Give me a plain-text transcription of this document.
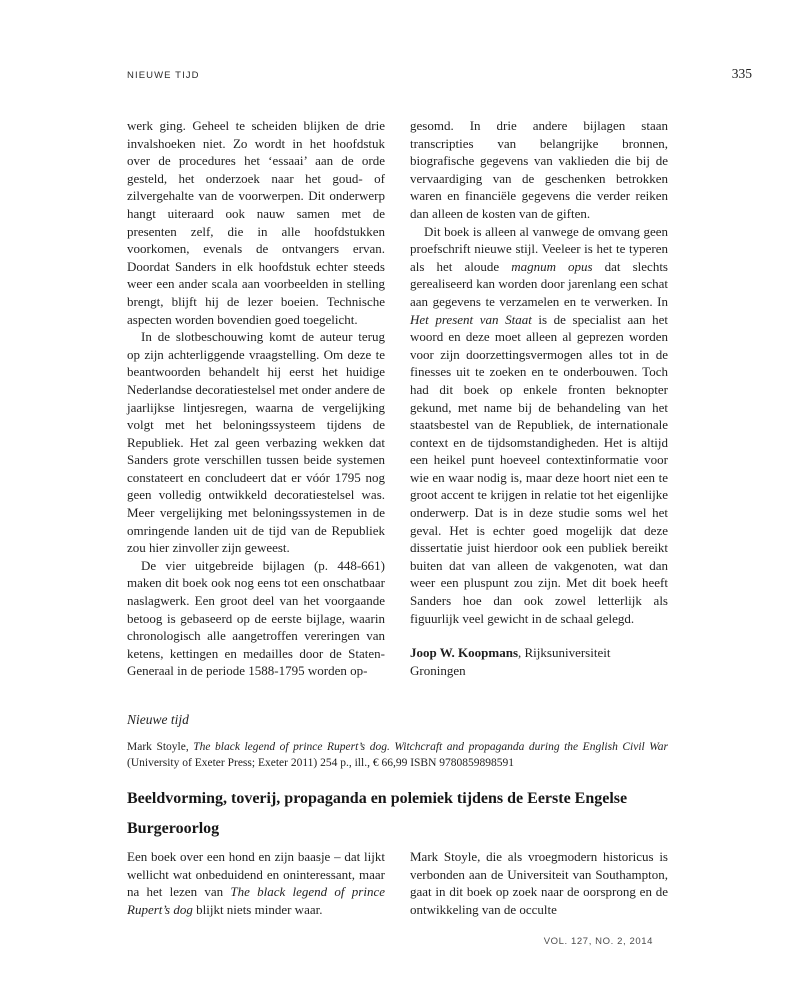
NIEUWE TIJD	335

werk ging. Geheel te scheiden blijken de drie invalshoeken niet. Zo wordt in het hoofdstuk over de procedures het ‘essaai’ aan de orde gesteld, het onderzoek naar het goud- of zilvergehalte van de voorwerpen. Dit onderwerp hangt uiteraard ook nauw samen met de presenten zelf, die in alle hoofdstukken voorkomen, evenals de ontvangers ervan. Doordat Sanders in elk hoofdstuk echter steeds weer een ander scala aan voorbeelden in stelling brengt, blijft hij de lezer boeien. Technische aspecten worden bovendien goed toegelicht.

In de slotbeschouwing komt de auteur terug op zijn achterliggende vraagstelling. Om deze te beantwoorden behandelt hij eerst het huidige Nederlandse decoratiestelsel met onder andere de jaarlijkse lintjesregen, waarna de vergelijking volgt met het beloningssysteem tijdens de Republiek. Het zal geen verbazing wekken dat Sanders grote verschillen tussen beide systemen constateert en concludeert dat er vóór 1795 nog geen volledig ontwikkeld decoratiestelsel was. Meer vergelijking met beloningssystemen in de omringende landen uit de tijd van de Republiek zou hier zinvoller zijn geweest.

De vier uitgebreide bijlagen (p. 448-661) maken dit boek ook nog eens tot een onschatbaar naslagwerk. Een groot deel van het voorgaande betoog is gebaseerd op de eerste bijlage, waarin chronologisch alle aangetroffen vereringen van ketens, kettingen en medailles door de Staten-Generaal in de periode 1588-1795 worden op-

gesomd. In drie andere bijlagen staan transcripties van belangrijke bronnen, biografische gegevens van vaklieden die bij de vervaardiging van de geschenken betrokken waren en financiële gegevens die verder reiken dan alleen de kosten van de giften.

Dit boek is alleen al vanwege de omvang geen proefschrift nieuwe stijl. Veeleer is het te typeren als het aloude magnum opus dat slechts gerealiseerd kan worden door jarenlang een schat aan gegevens te verzamelen en te verwerken. In Het present van Staat is de specialist aan het woord en deze moet alleen al geprezen worden voor zijn doorzettingsvermogen alles tot in de finesses uit te zoeken en te onderbouwen. Toch had dit boek op enkele fronten beknopter gekund, met name bij de behandeling van het staatsbestel van de Republiek, de internationale context en de tijdsomstandigheden. Het is altijd een heikel punt hoeveel contextinformatie voor wie en waar nodig is, maar deze hoort niet een te groot accent te krijgen in relatie tot het eigenlijke onderwerp. Dat is in deze studie soms wel het geval. Het is echter goed mogelijk dat deze dissertatie juist hierdoor ook een publiek bereikt buiten dat van alleen de vakgenoten, wat dan weer een pluspunt zou zijn. Met dit boek heeft Sanders hoe dan ook zowel letterlijk als figuurlijk veel gewicht in de schaal gelegd.

Joop W. Koopmans, Rijksuniversiteit Groningen

Nieuwe tijd

Mark Stoyle, The black legend of prince Rupert’s dog. Witchcraft and propaganda during the English Civil War (University of Exeter Press; Exeter 2011) 254 p., ill., € 66,99 ISBN 9780859898591

Beeldvorming, toverij, propaganda en polemiek tijdens de Eerste Engelse Burgeroorlog

Een boek over een hond en zijn baasje – dat lijkt wellicht wat onbeduidend en oninteressant, maar na het lezen van The black legend of prince Rupert’s dog blijkt niets minder waar.

Mark Stoyle, die als vroegmodern historicus is verbonden aan de Universiteit van Southampton, gaat in dit boek op zoek naar de oorsprong en de ontwikkeling van de occulte

VOL. 127, NO. 2, 2014
